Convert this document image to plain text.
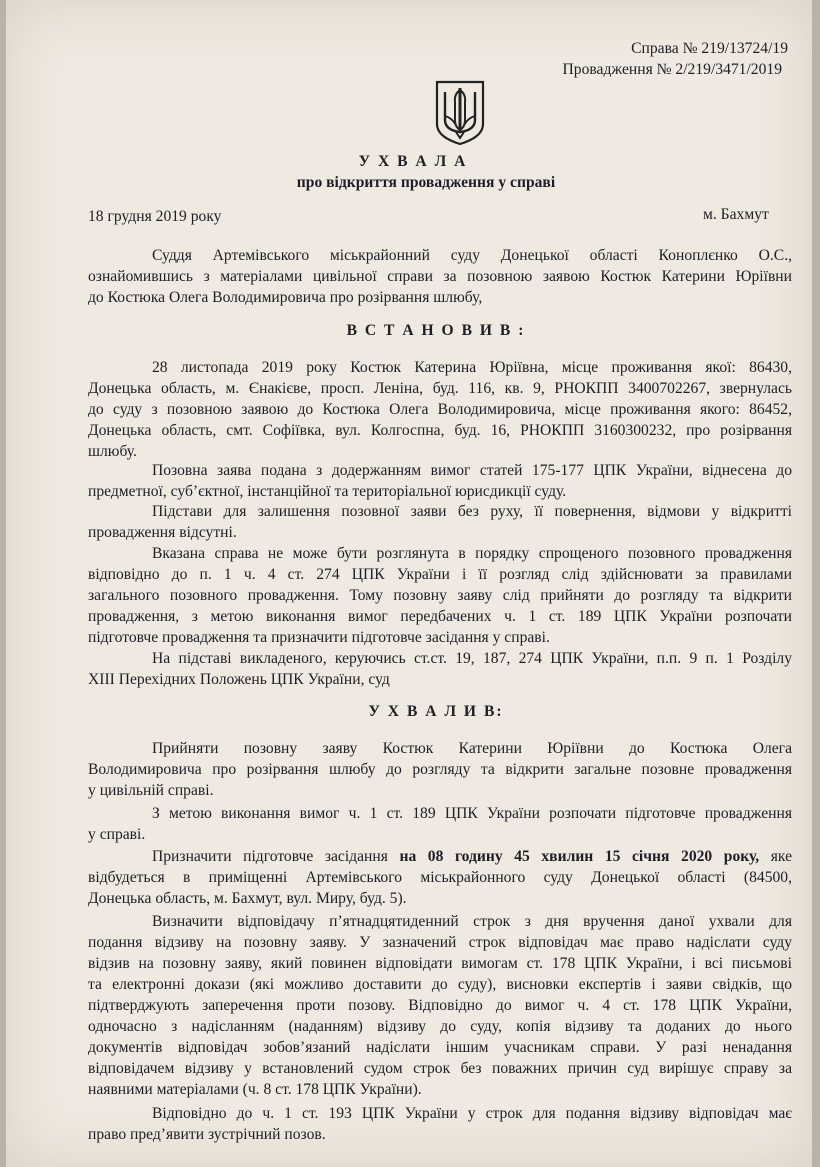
Справа № 219/13724/19
Провадження № 2/219/3471/2019
У Х В А Л А
про відкриття провадження у справі
18 грудня 2019 року	м. Бахмут
Суддя Артемівського міськрайонний суду Донецької області Коноплєнко О.С.,
ознайомившись з матеріалами цивільної справи за позовною заявою Костюк Катерини Юріївни
до Костюка Олега Володимировича про розірвання шлюбу,
В С Т А Н О В И В :
28 листопада 2019 року Костюк Катерина Юріївна, місце проживання якої: 86430,
Донецька область, м. Єнакієве, просп. Леніна, буд. 116, кв. 9, РНОКПП 3400702267, звернулась
до суду з позовною заявою до Костюка Олега Володимировича, місце проживання якого: 86452,
Донецька область, смт. Софіївка, вул. Колгоспна, буд. 16, РНОКПП 3160300232, про розірвання
шлюбу.
Позовна заява подана з додержанням вимог статей 175-177 ЦПК України, віднесена до
предметної, суб’єктної, інстанційної та територіальної юрисдикції суду.
Підстави для залишення позовної заяви без руху, її повернення, відмови у відкритті
провадження відсутні.
Вказана справа не може бути розглянута в порядку спрощеного позовного провадження
відповідно до п. 1 ч. 4 ст. 274 ЦПК України і її розгляд слід здійснювати за правилами
загального позовного провадження. Тому позовну заяву слід прийняти до розгляду та відкрити
провадження, з метою виконання вимог передбачених ч. 1 ст. 189 ЦПК України розпочати
підготовче провадження та призначити підготовче засідання у справі.
На підставі викладеного, керуючись ст.ст. 19, 187, 274 ЦПК України, п.п. 9 п. 1 Розділу
XIII Перехідних Положень ЦПК України, суд
У Х В А Л И В:
Прийняти позовну заяву Костюк Катерини Юріївни до Костюка Олега
Володимировича про розірвання шлюбу до розгляду та відкрити загальне позовне провадження
у цивільній справі.
З метою виконання вимог ч. 1 ст. 189 ЦПК України розпочати підготовче провадження
у справі.
Призначити підготовче засідання на 08 годину 45 хвилин 15 січня 2020 року, яке
відбудеться в приміщенні Артемівського міськрайонного суду Донецької області (84500,
Донецька область, м. Бахмут, вул. Миру, буд. 5).
Визначити відповідачу п’ятнадцятиденний строк з дня вручення даної ухвали для
подання відзиву на позовну заяву. У зазначений строк відповідач має право надіслати суду
відзив на позовну заяву, який повинен відповідати вимогам ст. 178 ЦПК України, і всі письмові
та електронні докази (які можливо доставити до суду), висновки експертів і заяви свідків, що
підтверджують заперечення проти позову. Відповідно до вимог ч. 4 ст. 178 ЦПК України,
одночасно з надісланням (наданням) відзиву до суду, копія відзиву та доданих до нього
документів відповідач зобов’язаний надіслати іншим учасникам справи. У разі ненадання
відповідачем відзиву у встановлений судом строк без поважних причин суд вирішує справу за
наявними матеріалами (ч. 8 ст. 178 ЦПК України).
Відповідно до ч. 1 ст. 193 ЦПК України у строк для подання відзиву відповідач має
право пред’явити зустрічний позов.
